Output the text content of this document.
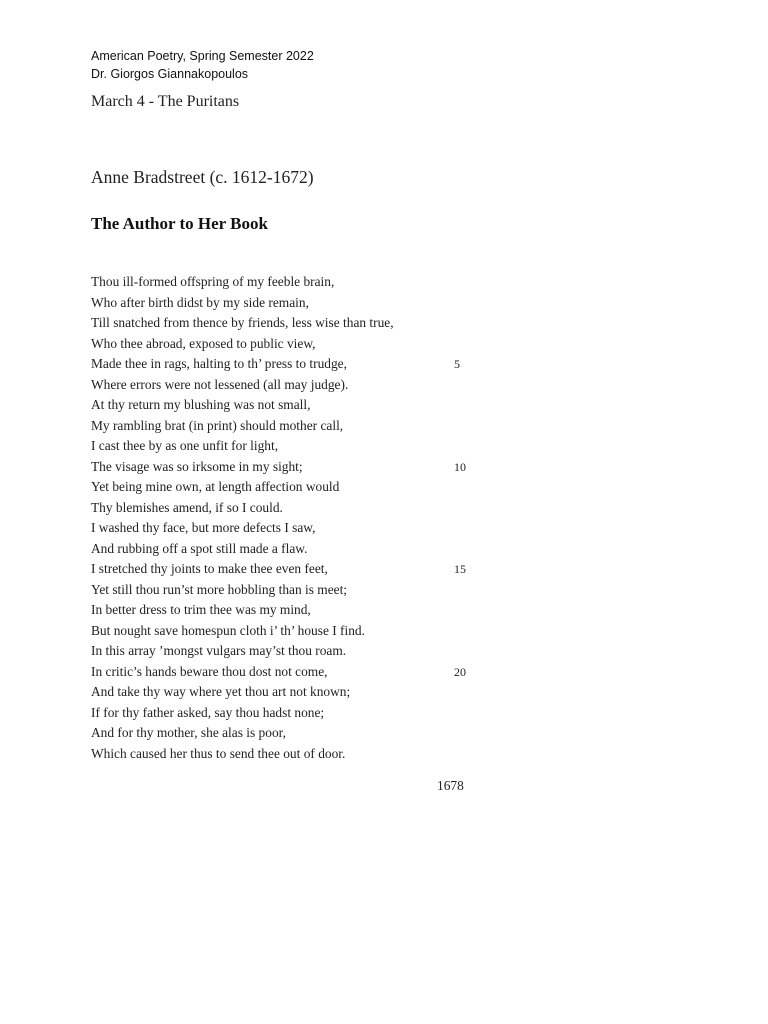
American Poetry, Spring Semester 2022
Dr. Giorgos Giannakopoulos
March 4 - The Puritans
Anne Bradstreet (c. 1612-1672)
The Author to Her Book
Thou ill-formed offspring of my feeble brain,
Who after birth didst by my side remain,
Till snatched from thence by friends, less wise than true,
Who thee abroad, exposed to public view,
Made thee in rags, halting to th’ press to trudge,	5
Where errors were not lessened (all may judge).
At thy return my blushing was not small,
My rambling brat (in print) should mother call,
I cast thee by as one unfit for light,
The visage was so irksome in my sight;	10
Yet being mine own, at length affection would
Thy blemishes amend, if so I could.
I washed thy face, but more defects I saw,
And rubbing off a spot still made a flaw.
I stretched thy joints to make thee even feet,	15
Yet still thou run’st more hobbling than is meet;
In better dress to trim thee was my mind,
But nought save homespun cloth i’ th’ house I find.
In this array ’mongst vulgars may’st thou roam.
In critic’s hands beware thou dost not come,	20
And take thy way where yet thou art not known;
If for thy father asked, say thou hadst none;
And for thy mother, she alas is poor,
Which caused her thus to send thee out of door.
1678
